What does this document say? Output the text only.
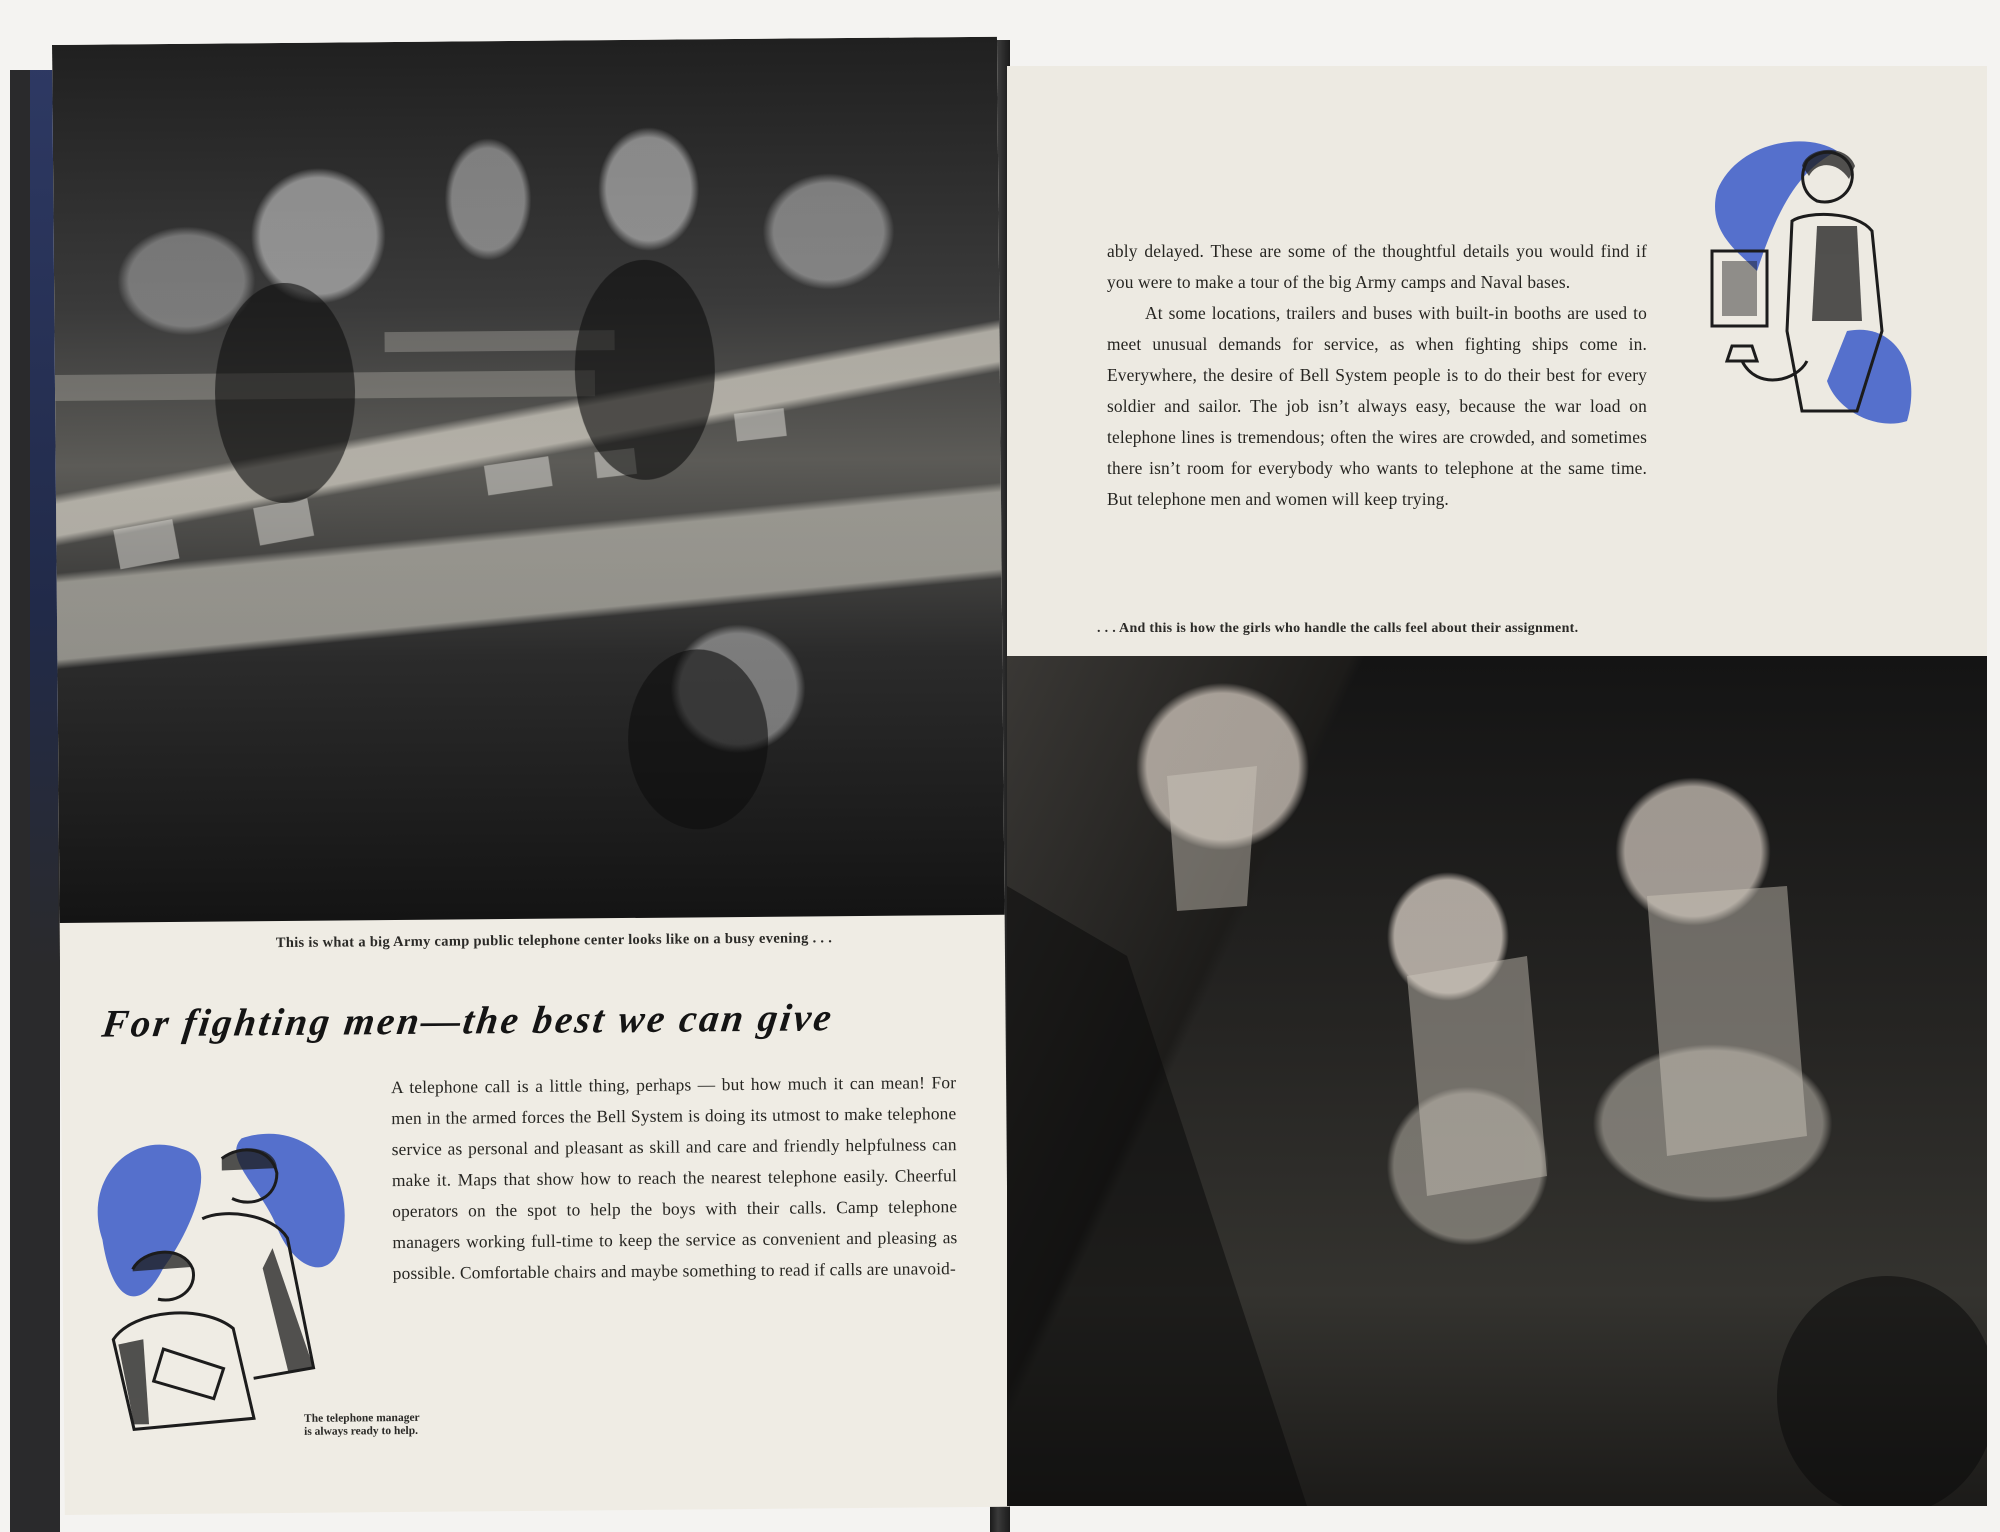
This is what a big Army camp public telephone center looks like on a busy evening . . .
For fighting men—the best we can give

A telephone call is a little thing, perhaps — but how much it can mean! For men in the armed forces the Bell System is doing its utmost to make telephone service as personal and pleasant as skill and care and friendly helpfulness can make it. Maps that show how to reach the nearest telephone easily. Cheerful operators on the spot to help the boys with their calls. Camp telephone managers working full-time to keep the service as convenient and pleasing as possible. Comfortable chairs and maybe something to read if calls are unavoid-

The telephone manager
is always ready to help.

ably delayed. These are some of the thoughtful details you would find if you were to make a tour of the big Army camps and Naval bases.

At some locations, trailers and buses with built-in booths are used to meet unusual demands for service, as when fighting ships come in. Everywhere, the desire of Bell System people is to do their best for every soldier and sailor. The job isn’t always easy, because the war load on telephone lines is tremendous; often the wires are crowded, and sometimes there isn’t room for everybody who wants to telephone at the same time. But telephone men and women will keep trying.

. . . And this is how the girls who handle the calls feel about their assignment.
